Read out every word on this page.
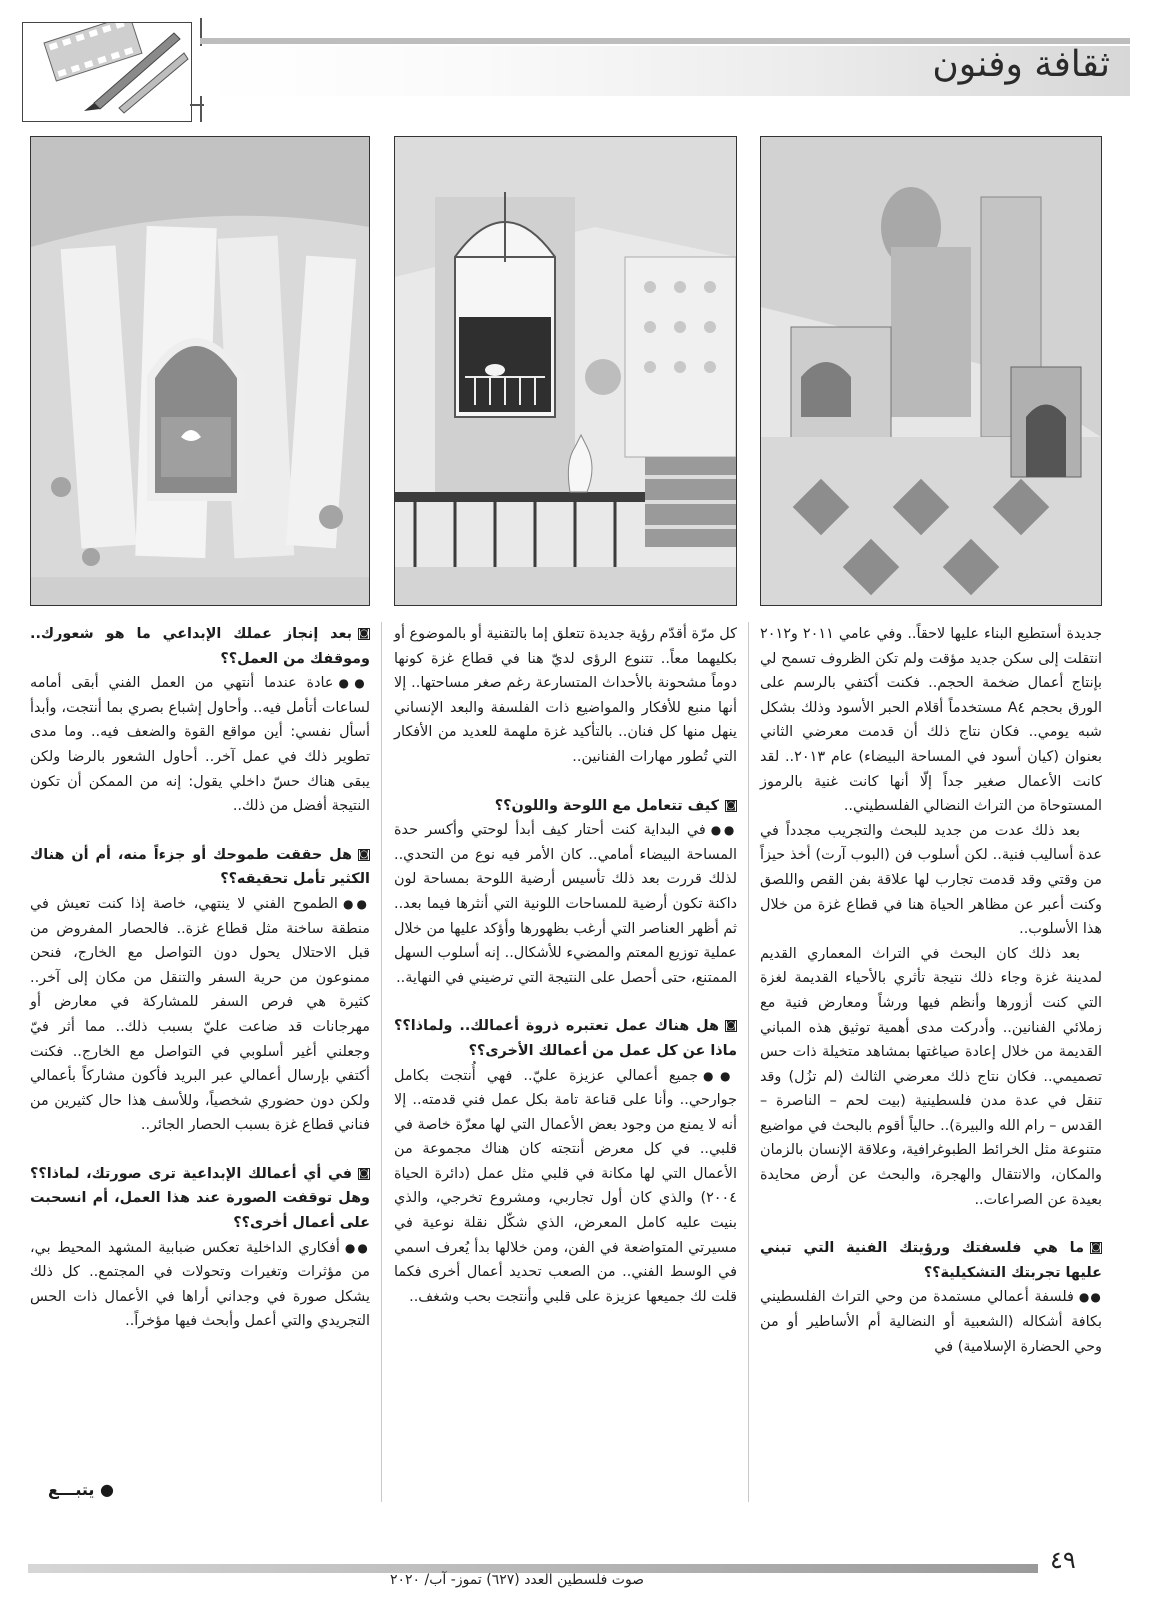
ثقافة وفنون

جديدة أستطيع البناء عليها لاحقاً.. وفي عامي ٢٠١١ و٢٠١٢ انتقلت إلى سكن جديد مؤقت ولم تكن الظروف تسمح لي بإنتاج أعمال ضخمة الحجم.. فكنت أكتفي بالرسم على الورق بحجم A٤ مستخدماً أقلام الحبر الأسود وذلك بشكل شبه يومي.. فكان نتاج ذلك أن قدمت معرضي الثاني بعنوان (كيان أسود في المساحة البيضاء) عام ٢٠١٣.. لقد كانت الأعمال صغير جداً إلّا أنها كانت غنية بالرموز المستوحاة من التراث النضالي الفلسطيني..

بعد ذلك عدت من جديد للبحث والتجريب مجدداً في عدة أساليب فنية.. لكن أسلوب فن (البوب آرت) أخذ حيزاً من وقتي وقد قدمت تجارب لها علاقة بفن القص واللصق وكنت أعبر عن مظاهر الحياة هنا في قطاع غزة من خلال هذا الأسلوب..

بعد ذلك كان البحث في التراث المعماري القديم لمدينة غزة وجاء ذلك نتيجة تأثري بالأحياء القديمة لغزة التي كنت أزورها وأنظم فيها ورشاً ومعارض فنية مع زملائي الفنانين.. وأدركت مدى أهمية توثيق هذه المباني القديمة من خلال إعادة صياغتها بمشاهد متخيلة ذات حس تصميمي.. فكان نتاج ذلك معرضي الثالث (لم تزُل) وقد تنقل في عدة مدن فلسطينية (بيت لحم – الناصرة – القدس – رام الله والبيرة).. حالياً أقوم بالبحث في مواضيع متنوعة مثل الخرائط الطبوغرافية، وعلاقة الإنسان بالزمان والمكان، والانتقال والهجرة، والبحث عن أرض محايدة بعيدة عن الصراعات..

◙ما هي فلسفتك ورؤيتك الفنية التي تبني عليها تجربتك التشكيلية؟؟

●●فلسفة أعمالي مستمدة من وحي التراث الفلسطيني بكافة أشكاله (الشعبية أو النضالية أم الأساطير أو من وحي الحضارة الإسلامية) في

كل مرّة أقدّم رؤية جديدة تتعلق إما بالتقنية أو بالموضوع أو بكليهما معاً.. تتنوع الرؤى لديّ هنا في قطاع غزة كونها دوماً مشحونة بالأحداث المتسارعة رغم صغر مساحتها.. إلا أنها منبع للأفكار والمواضيع ذات الفلسفة والبعد الإنساني ينهل منها كل فنان.. بالتأكيد غزة ملهمة للعديد من الأفكار التي تُطور مهارات الفنانين..

◙كيف تتعامل مع اللوحة واللون؟؟

●●في البداية كنت أحتار كيف أبدأ لوحتي وأكسر حدة المساحة البيضاء أمامي.. كان الأمر فيه نوع من التحدي.. لذلك قررت بعد ذلك تأسيس أرضية اللوحة بمساحة لون داكنة تكون أرضية للمساحات اللونية التي أنثرها فيما بعد.. ثم أظهر العناصر التي أرغب بظهورها وأؤكد عليها من خلال عملية توزيع المعتم والمضيء للأشكال.. إنه أسلوب السهل الممتنع، حتى أحصل على النتيجة التي ترضيني في النهاية..

◙هل هناك عمل تعتبره ذروة أعمالك.. ولماذا؟؟ ماذا عن كل عمل من أعمالك الأخرى؟؟

●●جميع أعمالي عزيزة عليّ.. فهي أُنتجت بكامل جوارحي.. وأنا على قناعة تامة بكل عمل فني قدمته.. إلا أنه لا يمنع من وجود بعض الأعمال التي لها معزّة خاصة في قلبي.. في كل معرض أنتجته كان هناك مجموعة من الأعمال التي لها مكانة في قلبي مثل عمل (دائرة الحياة ٢٠٠٤) والذي كان أول تجاربي، ومشروع تخرجي، والذي بنيت عليه كامل المعرض، الذي شكّل نقلة نوعية في مسيرتي المتواضعة في الفن، ومن خلالها بدأ يُعرف اسمي في الوسط الفني.. من الصعب تحديد أعمال أخرى فكما قلت لك جميعها عزيزة على قلبي وأنتجت بحب وشغف..

◙بعد إنجاز عملك الإبداعي ما هو شعورك.. وموقفك من العمل؟؟

●●عادة عندما أنتهي من العمل الفني أبقى أمامه لساعات أتأمل فيه.. وأحاول إشباع بصري بما أنتجت، وأبدأ أسأل نفسي: أين مواقع القوة والضعف فيه.. وما مدى تطوير ذلك في عمل آخر.. أحاول الشعور بالرضا ولكن يبقى هناك حسّ داخلي يقول: إنه من الممكن أن تكون النتيجة أفضل من ذلك..

◙هل حققت طموحك أو جزءاً منه، أم أن هناك الكثير تأمل تحقيقه؟؟

●●الطموح الفني لا ينتهي، خاصة إذا كنت تعيش في منطقة ساخنة مثل قطاع غزة.. فالحصار المفروض من قبل الاحتلال يحول دون التواصل مع الخارج، فنحن ممنوعون من حرية السفر والتنقل من مكان إلى آخر.. كثيرة هي فرص السفر للمشاركة في معارض أو مهرجانات قد ضاعت عليّ بسبب ذلك.. مما أثر فيّ وجعلني أغير أسلوبي في التواصل مع الخارج.. فكنت أكتفي بإرسال أعمالي عبر البريد فأكون مشاركاً بأعمالي ولكن دون حضوري شخصياً، وللأسف هذا حال كثيرين من فناني قطاع غزة بسبب الحصار الجائر..

◙في أي أعمالك الإبداعية ترى صورتك، لماذا؟؟ وهل توقفت الصورة عند هذا العمل، أم انسحبت على أعمال أخرى؟؟

●●أفكاري الداخلية تعكس ضبابية المشهد المحيط بي، من مؤثرات وتغيرات وتحولات في المجتمع.. كل ذلك يشكل صورة في وجداني أراها في الأعمال ذات الحس التجريدي والتي أعمل وأبحث فيها مؤخراً..

● يتبـــع
صوت فلسطين العدد (٦٢٧) تموز- آب/ ٢٠٢٠
٤٩
